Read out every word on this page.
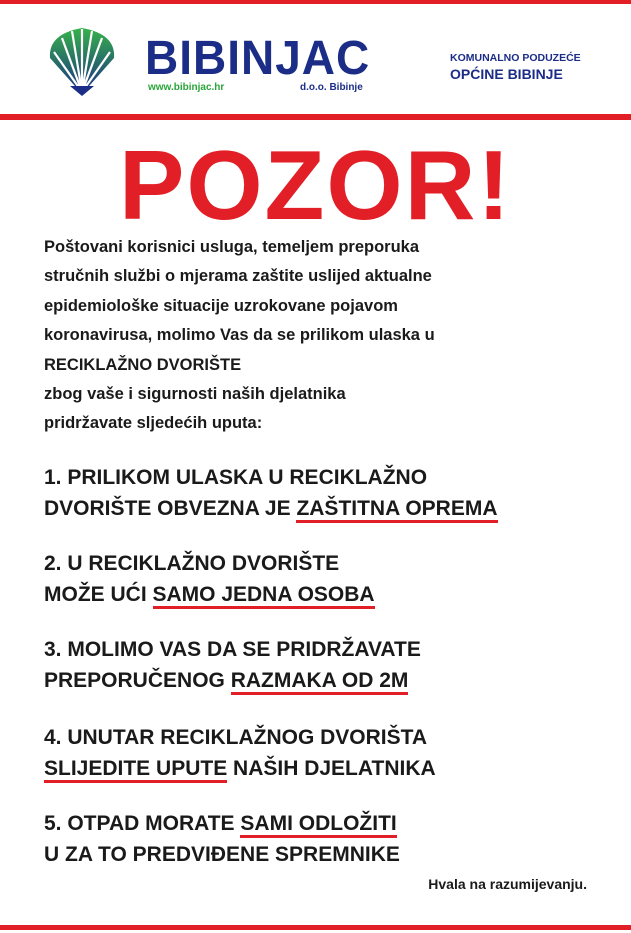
BIBINJAC
www.bibinjac.hr	d.o.o. Bibinje
KOMUNALNO PODUZEĆE
OPĆINE BIBINJE
POZOR!
Poštovani korisnici usluga, temeljem preporuka
stručnih službi o mjerama zaštite uslijed aktualne
epidemiološke situacije uzrokovane pojavom
koronavirusa, molimo Vas da se prilikom ulaska u
RECIKLAŽNO DVORIŠTE
zbog vaše i sigurnosti naših djelatnika
pridržavate sljedećih uputa:
1. PRILIKOM ULASKA U RECIKLAŽNO
DVORIŠTE OBVEZNA JE ZAŠTITNA OPREMA
2. U RECIKLAŽNO DVORIŠTE
MOŽE UĆI SAMO JEDNA OSOBA
3. MOLIMO VAS DA SE PRIDRŽAVATE
PREPORUČENOG RAZMAKA OD 2M
4. UNUTAR RECIKLAŽNOG DVORIŠTA
SLIJEDITE UPUTE NAŠIH DJELATNIKA
5. OTPAD MORATE SAMI ODLOŽITI
U ZA TO PREDVIĐENE SPREMNIKE
Hvala na razumijevanju.
